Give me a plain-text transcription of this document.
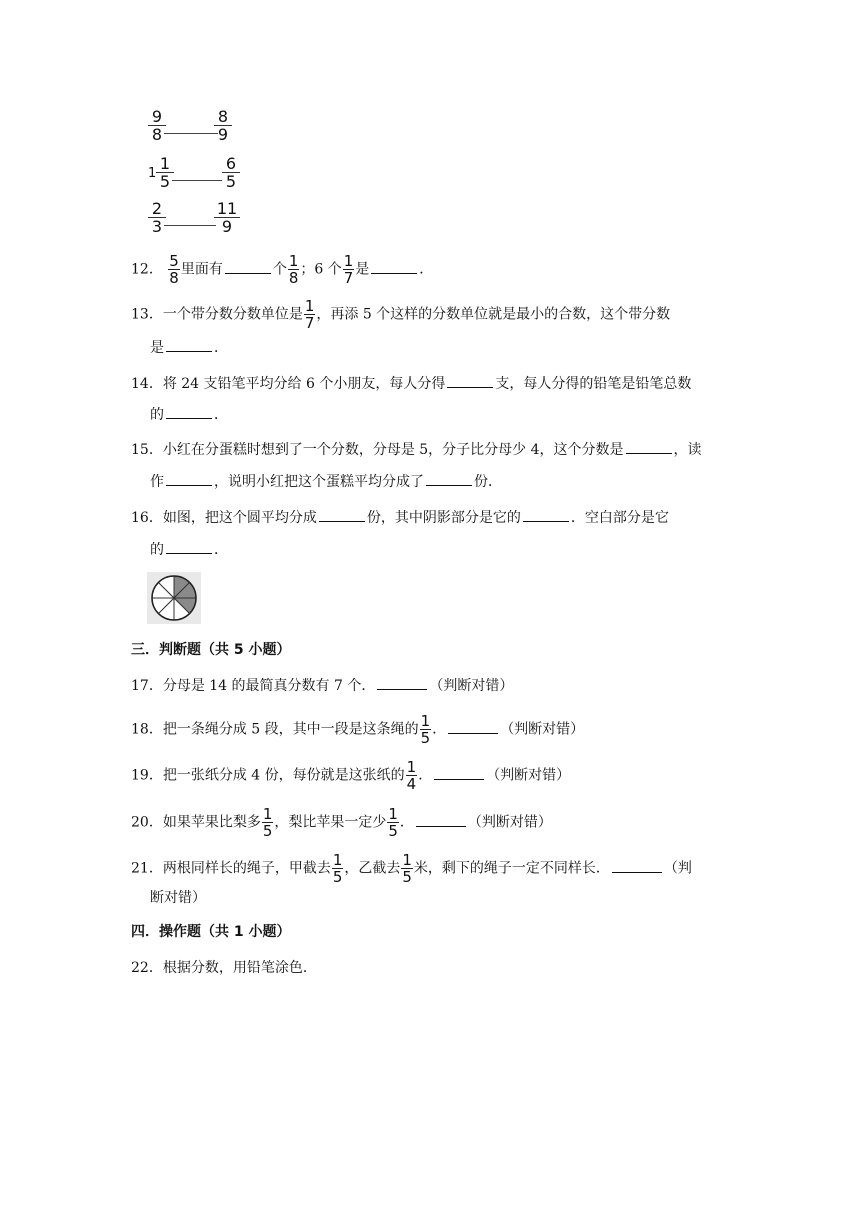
$\frac{9}{8}$	$\frac{8}{9}$
$1 \frac{1}{5}$	$\frac{6}{5}$
$\frac{2}{3}$	$\frac{11}{9}$
12． $\frac{5}{8}$ 里面有	个 $\frac{1}{8}$ ；6 个 $\frac{1}{7}$ 是	．
13．一个带分数分数单位是 $\frac{1}{7}$ ，再添 5 个这样的分数单位就是最小的合数，这个带分数
是	．
14．将 24 支铅笔平均分给 6 个小朋友，每人分得	支，每人分得的铅笔是铅笔总数
的	．
15．小红在分蛋糕时想到了一个分数，分母是 5，分子比分母少 4，这个分数是	，读
作	，说明小红把这个蛋糕平均分成了	份．
16．如图，把这个圆平均分成	份，其中阴影部分是它的	．空白部分是它
的	．
三．判断题（共 5 小题）
17．分母是 14 的最简真分数有 7 个．	（判断对错）
18．把一条绳分成 5 段，其中一段是这条绳的 $\frac{1}{5}$ ．	（判断对错）
19．把一张纸分成 4 份，每份就是这张纸的 $\frac{1}{4}$ ．	（判断对错）
20．如果苹果比梨多 $\frac{1}{5}$ ，梨比苹果一定少 $\frac{1}{5}$ ．	（判断对错）
21．两根同样长的绳子，甲截去 $\frac{1}{5}$ ，乙截去 $\frac{1}{5}$ 米，剩下的绳子一定不同样长．	（判
断对错）
四．操作题（共 1 小题）
22．根据分数，用铅笔涂色．
